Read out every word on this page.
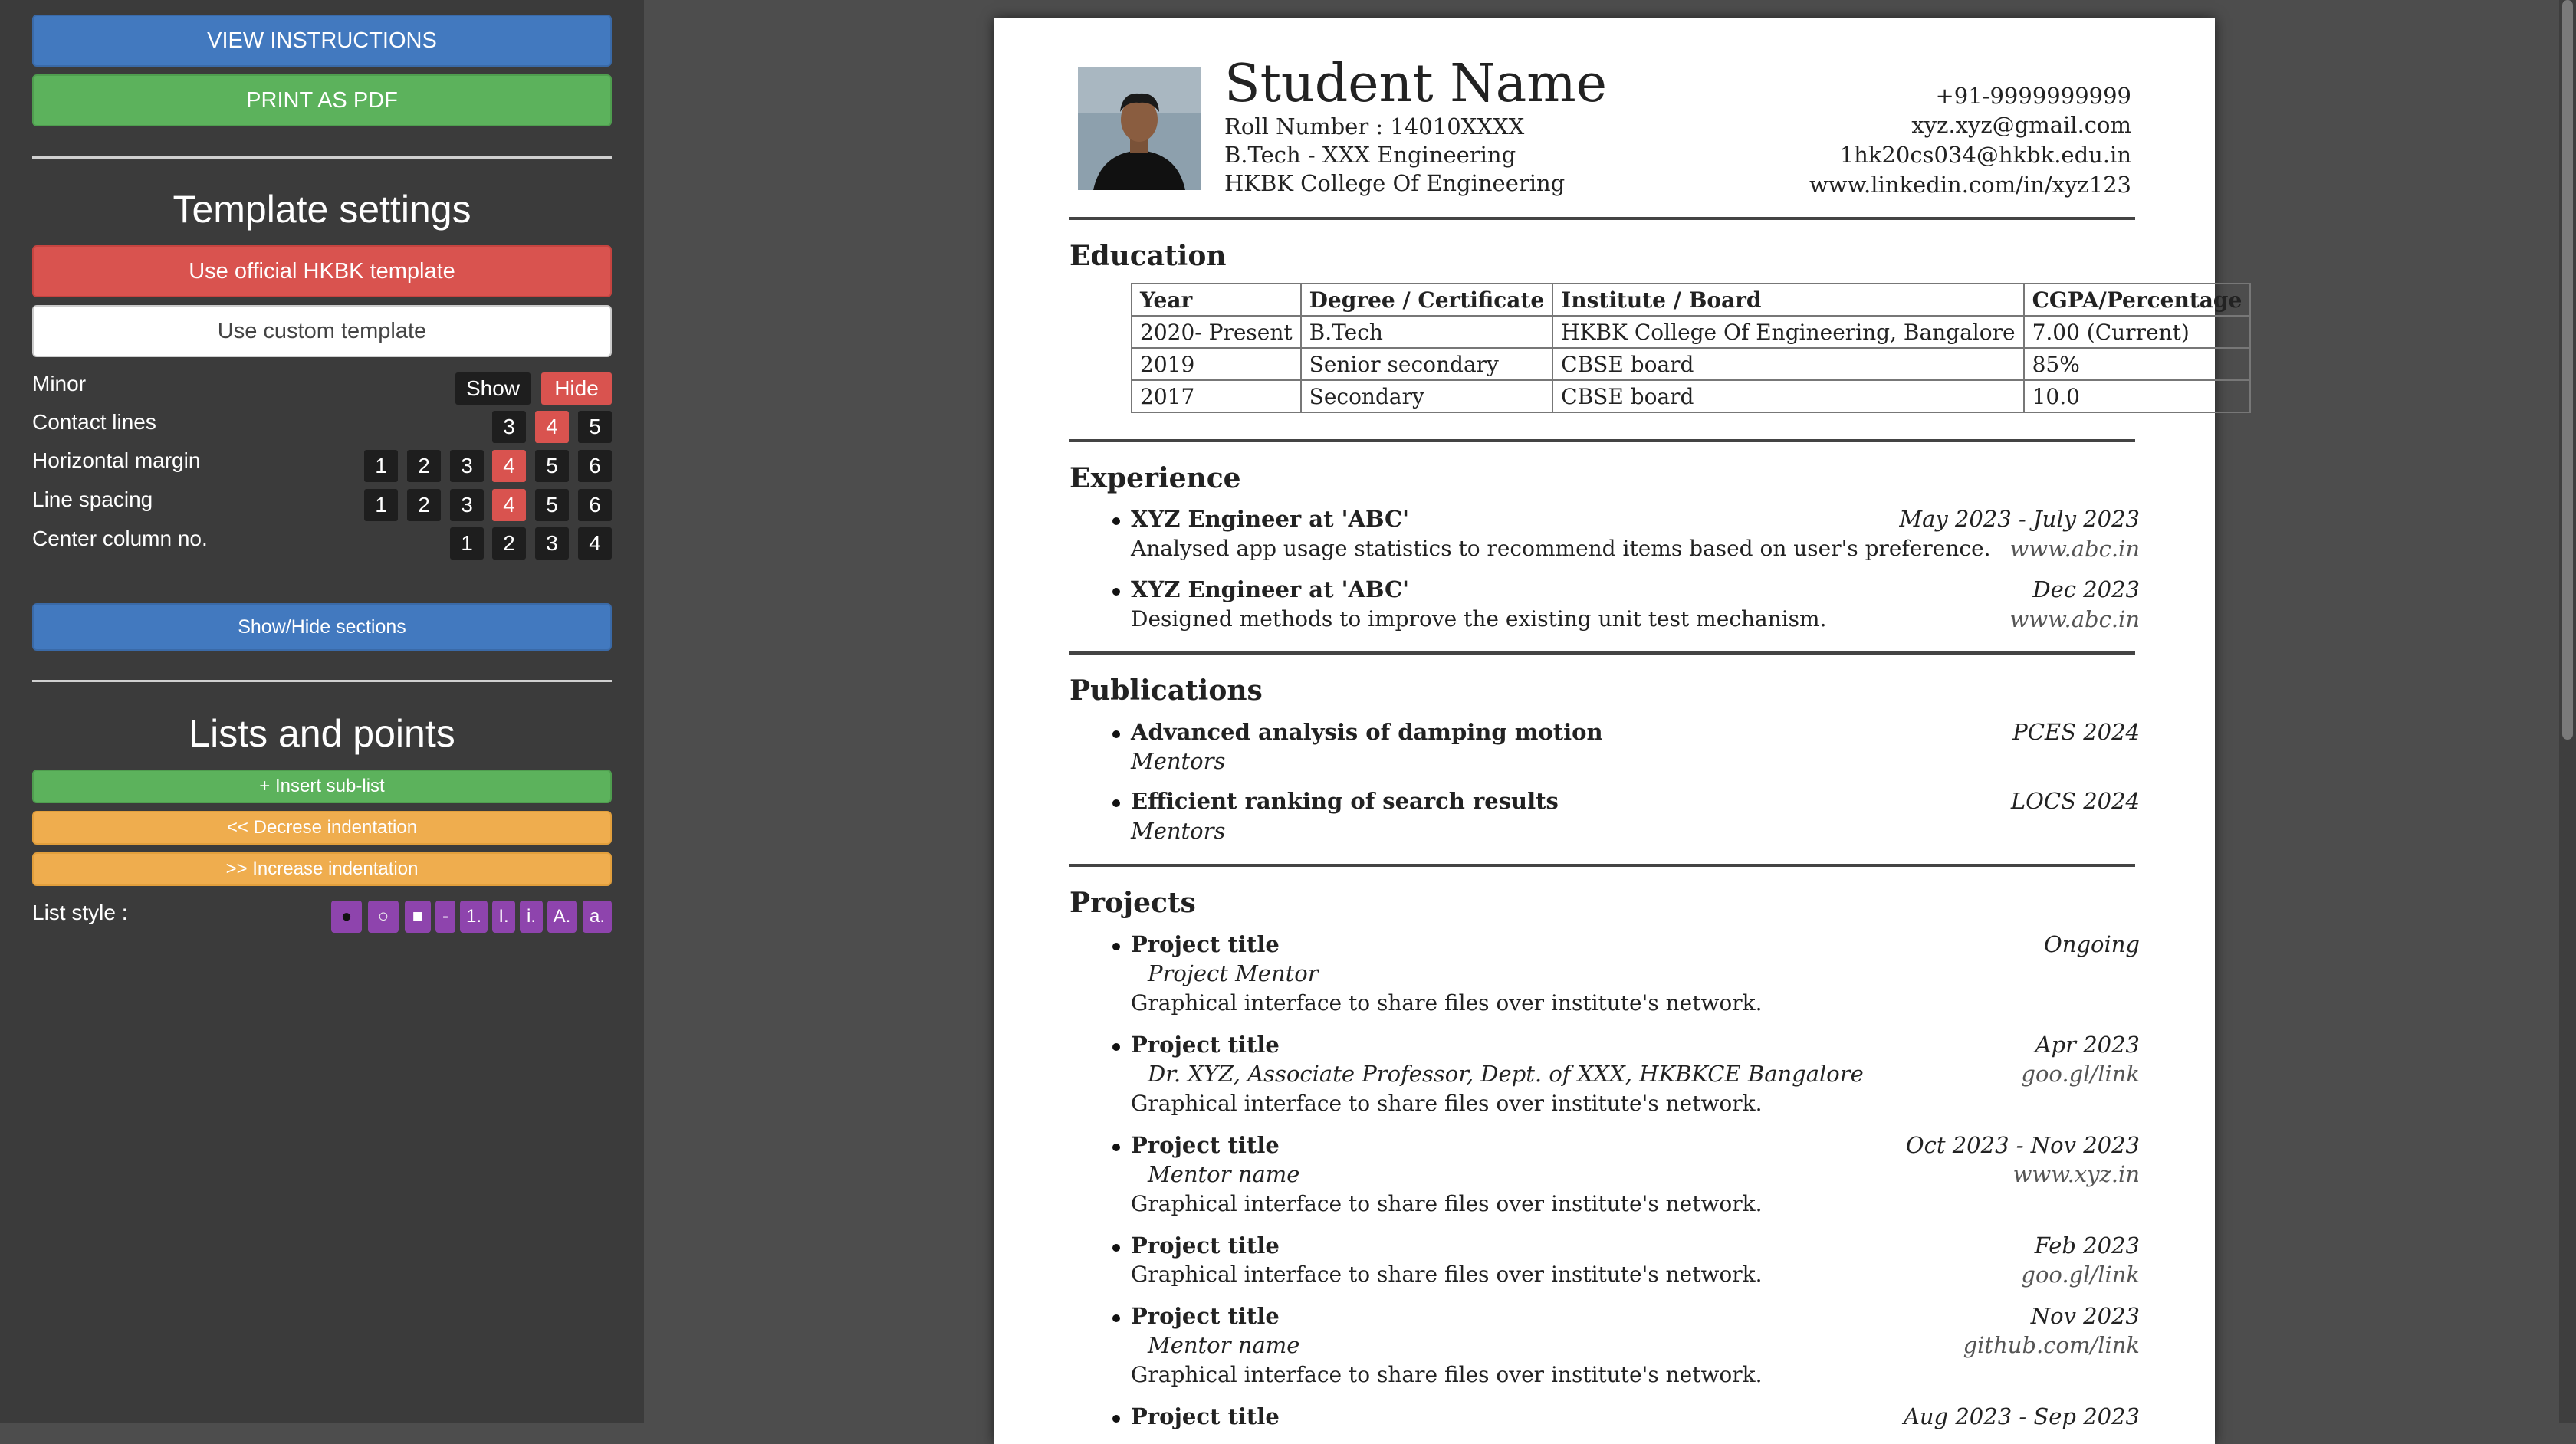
VIEW INSTRUCTIONS
PRINT AS PDF
Template settings
Use official HKBK template
Use custom template
Minor	Show	Hide
Contact lines	3	4	5
Horizontal margin	1	2	3	4	5	6
Line spacing	1	2	3	4	5	6
Center column no.	1	2	3	4
Show/Hide sections
Lists and points
+ Insert sub-list
<< Decrese indentation
>> Increase indentation
List style :	●	○	■	- 1. I. i. A.	a.
Student Name
Roll Number : 14010XXXX
B.Tech - XXX Engineering
HKBK College Of Engineering
+91-9999999999
xyz.xyz@gmail.com
1hk20cs034@hkbk.edu.in
www.linkedin.com/in/xyz123
Education
Year	Degree / Certificate	Institute / Board	CGPA/Percentage
2020- Present	B.Tech	HKBK College Of Engineering, Bangalore	7.00 (Current)
2019	Senior secondary	CBSE board	85%
2017	Secondary	CBSE board	10.0
Experience
XYZ Engineer at 'ABC'	May 2023 - July 2023
Analysed app usage statistics to recommend items based on user's preference. www.abc.in
XYZ Engineer at 'ABC'	Dec 2023
Designed methods to improve the existing unit test mechanism.	www.abc.in
Publications
Advanced analysis of damping motion	PCES 2024
Mentors
Efficient ranking of search results	LOCS 2024
Mentors
Projects
Project title	Ongoing
Project Mentor
Graphical interface to share files over institute's network.
Project title	Apr 2023
Dr. XYZ, Associate Professor, Dept. of XXX, HKBKCE Bangalore	goo.gl/link
Graphical interface to share files over institute's network.
Project title	Oct 2023 - Nov 2023
Mentor name	www.xyz.in
Graphical interface to share files over institute's network.
Project title	Feb 2023
Graphical interface to share files over institute's network.	goo.gl/link
Project title	Nov 2023
Mentor name	github.com/link
Graphical interface to share files over institute's network.
Project title	Aug 2023 - Sep 2023
